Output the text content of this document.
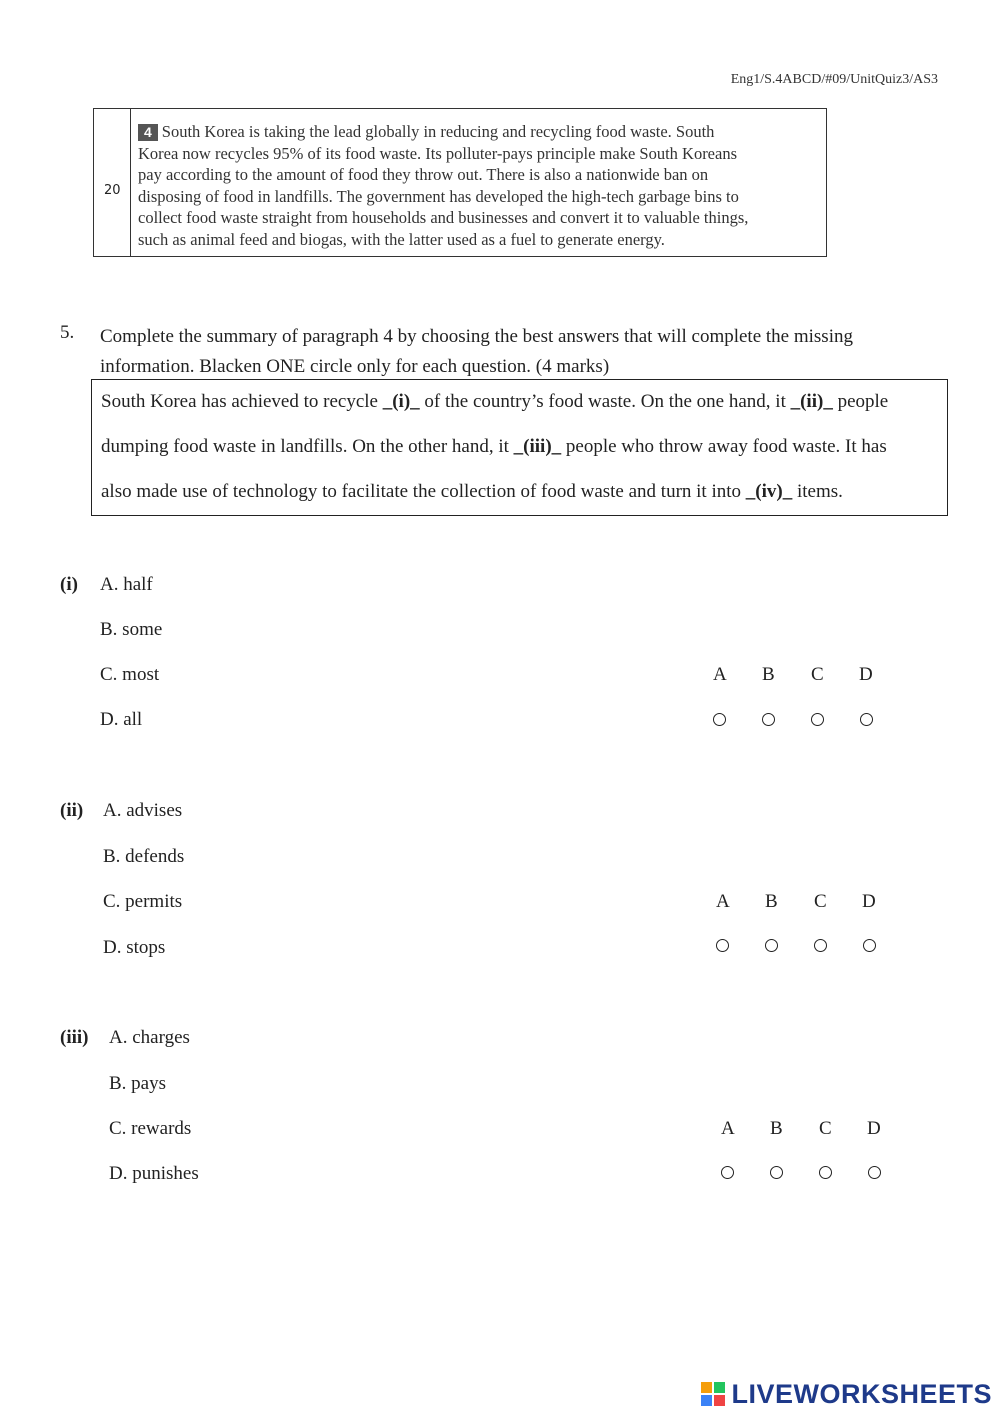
Eng1/S.4ABCD/#09/UnitQuiz3/AS3
20
4 South Korea is taking the lead globally in reducing and recycling food waste. South
Korea now recycles 95% of its food waste. Its polluter-pays principle make South Koreans
pay according to the amount of food they throw out. There is also a nationwide ban on
disposing of food in landfills. The government has developed the high-tech garbage bins to
collect food waste straight from households and businesses and convert it to valuable things,
such as animal feed and biogas, with the latter used as a fuel to generate energy.
5. Complete the summary of paragraph 4 by choosing the best answers that will complete the missing
information. Blacken ONE circle only for each question. (4 marks)
South Korea has achieved to recycle _(i)_ of the country’s food waste. On the one hand, it _(ii)_ people
dumping food waste in landfills. On the other hand, it _(iii)_ people who throw away food waste. It has
also made use of technology to facilitate the collection of food waste and turn it into _(iv)_ items.
(i) A. half
B. some
C. most
D. all
A B C D
(ii) A. advises
B. defends
C. permits
D. stops
A B C D
(iii) A. charges
B. pays
C. rewards
D. punishes
A B C D
LIVEWORKSHEETS
